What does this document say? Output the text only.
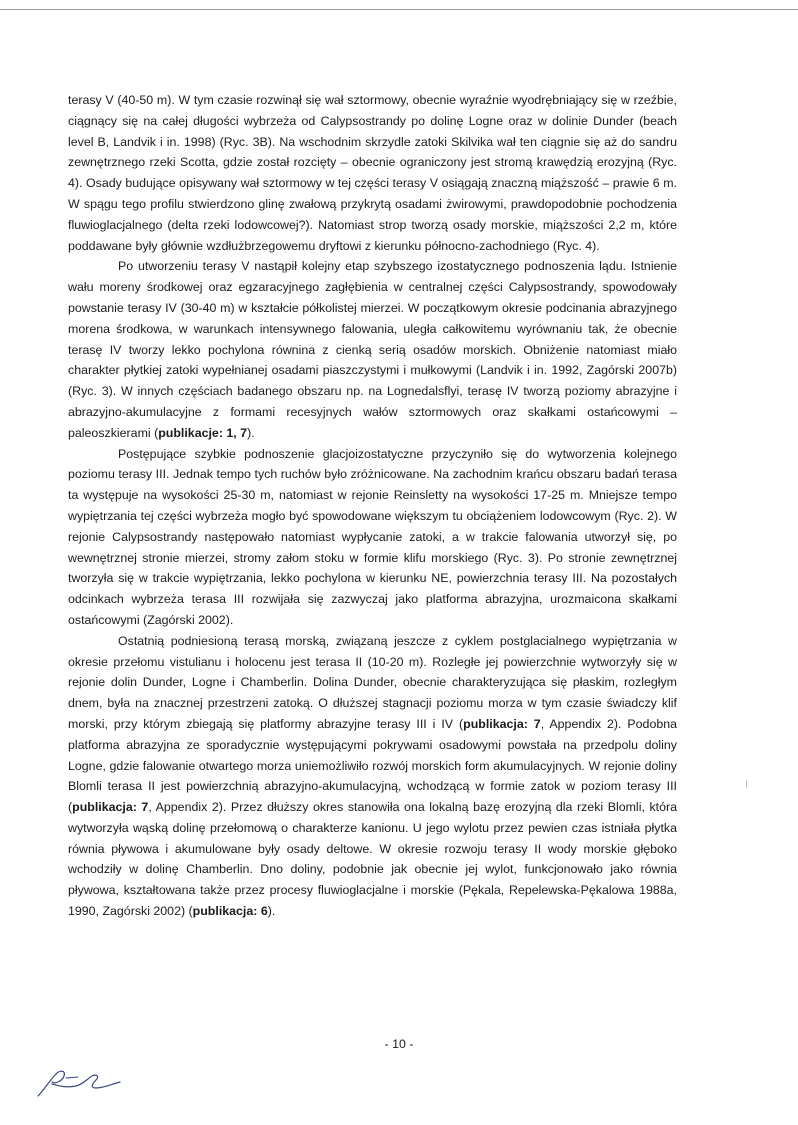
terasy V (40-50 m). W tym czasie rozwinął się wał sztormowy, obecnie wyraźnie wyodrębniający się w rzeźbie, ciągnący się na całej długości wybrzeża od Calypsostrandy po dolinę Logne oraz w dolinie Dunder (beach level B, Landvik i in. 1998) (Ryc. 3B). Na wschodnim skrzydle zatoki Skilvika wał ten ciągnie się aż do sandru zewnętrznego rzeki Scotta, gdzie został rozcięty – obecnie ograniczony jest stromą krawędzią erozyjną (Ryc. 4). Osady budujące opisywany wał sztormowy w tej części terasy V osiągają znaczną miąższość – prawie 6 m. W spągu tego profilu stwierdzono glinę zwałową przykrytą osadami żwirowymi, prawdopodobnie pochodzenia fluwioglacjalnego (delta rzeki lodowcowej?). Natomiast strop tworzą osady morskie, miąższości 2,2 m, które poddawane były głównie wzdłużbrzegowemu dryftowi z kierunku północno-zachodniego (Ryc. 4).

Po utworzeniu terasy V nastąpił kolejny etap szybszego izostatycznego podnoszenia lądu. Istnienie wału moreny środkowej oraz egzaracyjnego zagłębienia w centralnej części Calypsostrandy, spowodowały powstanie terasy IV (30-40 m) w kształcie półkolistej mierzei. W początkowym okresie podcinania abrazyjnego morena środkowa, w warunkach intensywnego falowania, uległa całkowitemu wyrównaniu tak, że obecnie terasę IV tworzy lekko pochylona równina z cienką serią osadów morskich. Obniżenie natomiast miało charakter płytkiej zatoki wypełnianej osadami piaszczystymi i mułkowymi (Landvik i in. 1992, Zagórski 2007b) (Ryc. 3). W innych częściach badanego obszaru np. na Lognedalsflyi, terasę IV tworzą poziomy abrazyjne i abrazyjno-akumulacyjne z formami recesyjnych wałów sztormowych oraz skałkami ostańcowymi – paleoszkierami (publikacje: 1, 7).

Postępujące szybkie podnoszenie glacjoizostatyczne przyczyniło się do wytworzenia kolejnego poziomu terasy III. Jednak tempo tych ruchów było zróżnicowane. Na zachodnim krańcu obszaru badań terasa ta występuje na wysokości 25-30 m, natomiast w rejonie Reinsletty na wysokości 17-25 m. Mniejsze tempo wypiętrzania tej części wybrzeża mogło być spowodowane większym tu obciążeniem lodowcowym (Ryc. 2). W rejonie Calypsostrandy następowało natomiast wypłycanie zatoki, a w trakcie falowania utworzył się, po wewnętrznej stronie mierzei, stromy załom stoku w formie klifu morskiego (Ryc. 3). Po stronie zewnętrznej tworzyła się w trakcie wypiętrzania, lekko pochylona w kierunku NE, powierzchnia terasy III. Na pozostałych odcinkach wybrzeża terasa III rozwijała się zazwyczaj jako platforma abrazyjna, urozmaicona skałkami ostańcowymi (Zagórski 2002).

Ostatnią podniesioną terasą morską, związaną jeszcze z cyklem postglacialnego wypiętrzania w okresie przełomu vistulianu i holocenu jest terasa II (10-20 m). Rozległe jej powierzchnie wytworzyły się w rejonie dolin Dunder, Logne i Chamberlin. Dolina Dunder, obecnie charakteryzująca się płaskim, rozległym dnem, była na znacznej przestrzeni zatoką. O dłuższej stagnacji poziomu morza w tym czasie świadczy klif morski, przy którym zbiegają się platformy abrazyjne terasy III i IV (publikacja: 7, Appendix 2). Podobna platforma abrazyjna ze sporadycznie występującymi pokrywami osadowymi powstała na przedpolu doliny Logne, gdzie falowanie otwartego morza uniemożliwiło rozwój morskich form akumulacyjnych. W rejonie doliny Blomli terasa II jest powierzchnią abrazyjno-akumulacyjną, wchodzącą w formie zatok w poziom terasy III (publikacja: 7, Appendix 2). Przez dłuższy okres stanowiła ona lokalną bazę erozyjną dla rzeki Blomli, która wytworzyła wąską dolinę przełomową o charakterze kanionu. U jego wylotu przez pewien czas istniała płytka równia pływowa i akumulowane były osady deltowe. W okresie rozwoju terasy II wody morskie głęboko wchodziły w dolinę Chamberlin. Dno doliny, podobnie jak obecnie jej wylot, funkcjonowało jako równia pływowa, kształtowana także przez procesy fluwioglacjalne i morskie (Pękala, Repelewska-Pękalowa 1988a, 1990, Zagórski 2002) (publikacja: 6).

- 10 -
